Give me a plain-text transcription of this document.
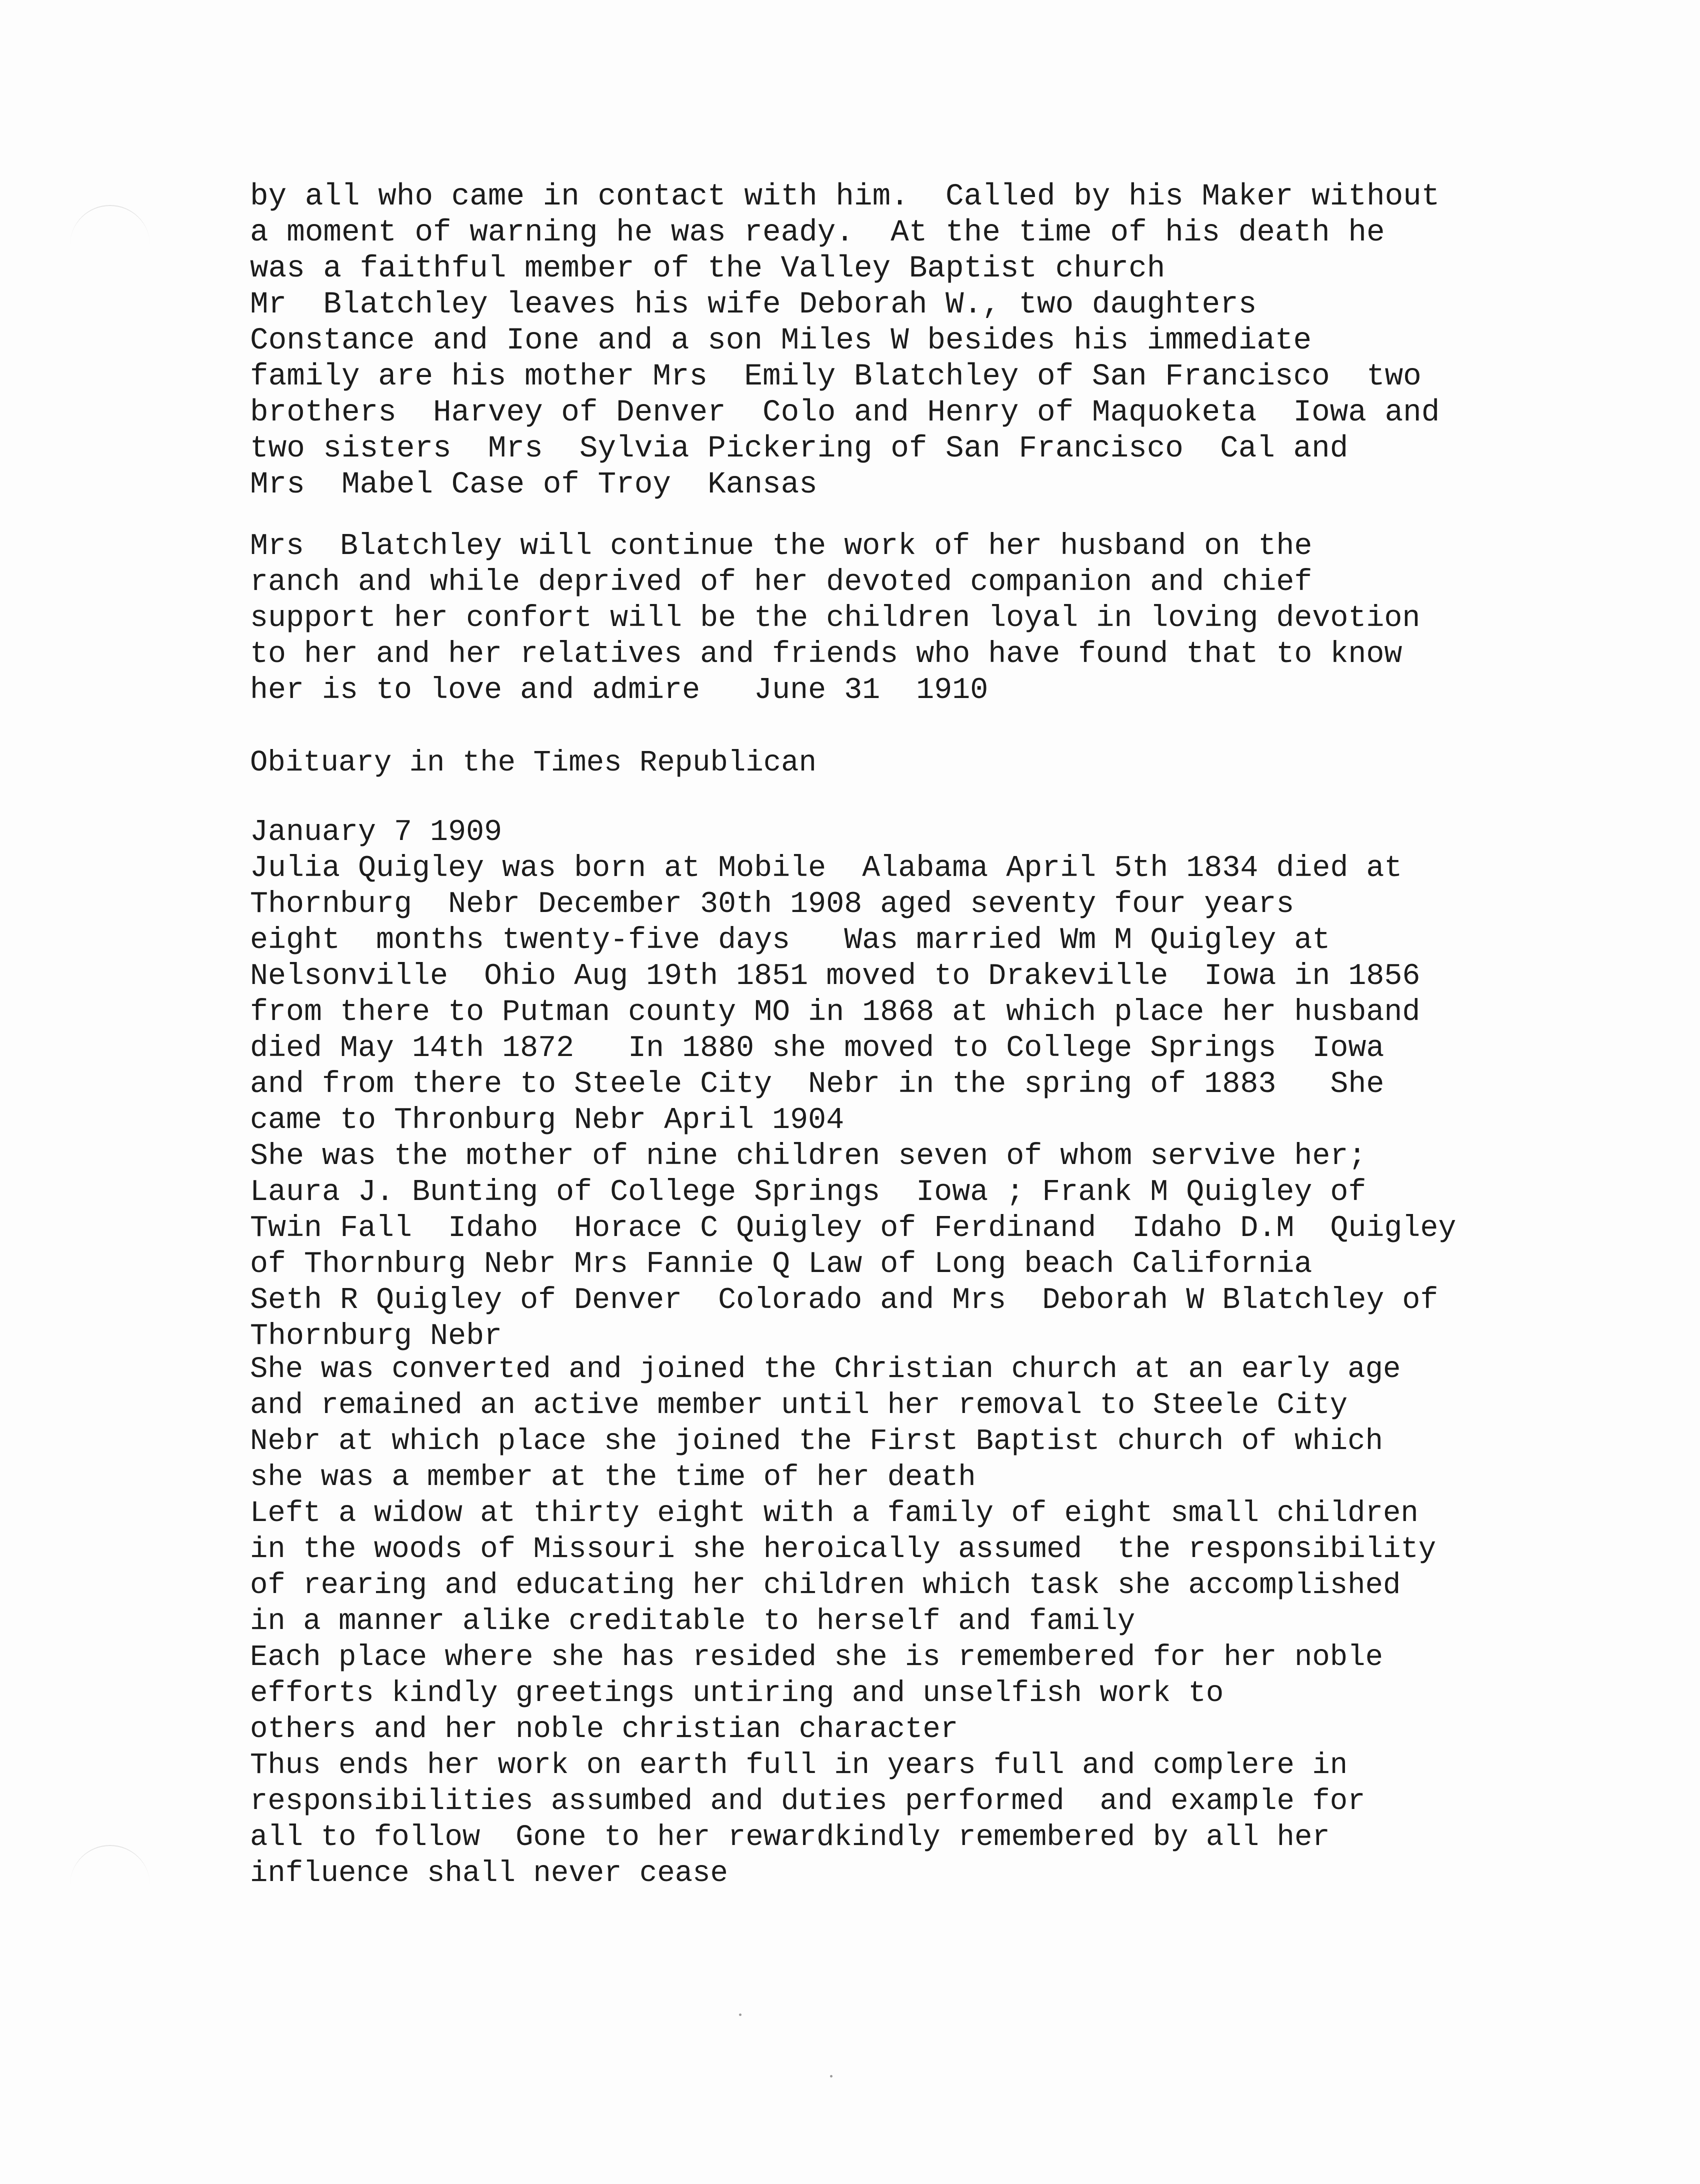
by all who came in contact with him.  Called by his Maker without
a moment of warning he was ready.  At the time of his death he
was a faithful member of the Valley Baptist church
Mr  Blatchley leaves his wife Deborah W., two daughters
Constance and Ione and a son Miles W besides his immediate
family are his mother Mrs  Emily Blatchley of San Francisco  two
brothers  Harvey of Denver  Colo and Henry of Maquoketa  Iowa and
two sisters  Mrs  Sylvia Pickering of San Francisco  Cal and
Mrs  Mabel Case of Troy  Kansas
Mrs  Blatchley will continue the work of her husband on the
ranch and while deprived of her devoted companion and chief
support her confort will be the children loyal in loving devotion
to her and her relatives and friends who have found that to know
her is to love and admire   June 31  1910
Obituary in the Times Republican
January 7 1909
Julia Quigley was born at Mobile  Alabama April 5th 1834 died at
Thornburg  Nebr December 30th 1908 aged seventy four years
eight  months twenty-five days   Was married Wm M Quigley at
Nelsonville  Ohio Aug 19th 1851 moved to Drakeville  Iowa in 1856
from there to Putman county MO in 1868 at which place her husband
died May 14th 1872   In 1880 she moved to College Springs  Iowa
and from there to Steele City  Nebr in the spring of 1883   She
came to Thronburg Nebr April 1904
She was the mother of nine children seven of whom servive her;
Laura J. Bunting of College Springs  Iowa ; Frank M Quigley of
Twin Fall  Idaho  Horace C Quigley of Ferdinand  Idaho D.M  Quigley
of Thornburg Nebr Mrs Fannie Q Law of Long beach California
Seth R Quigley of Denver  Colorado and Mrs  Deborah W Blatchley of
Thornburg Nebr
She was converted and joined the Christian church at an early age
and remained an active member until her removal to Steele City
Nebr at which place she joined the First Baptist church of which
she was a member at the time of her death
Left a widow at thirty eight with a family of eight small children
in the woods of Missouri she heroically assumed  the responsibility
of rearing and educating her children which task she accomplished
in a manner alike creditable to herself and family
Each place where she has resided she is remembered for her noble
efforts kindly greetings untiring and unselfish work to
others and her noble christian character
Thus ends her work on earth full in years full and complere in
responsibilities assumbed and duties performed  and example for
all to follow  Gone to her rewardkindly remembered by all her
influence shall never cease
